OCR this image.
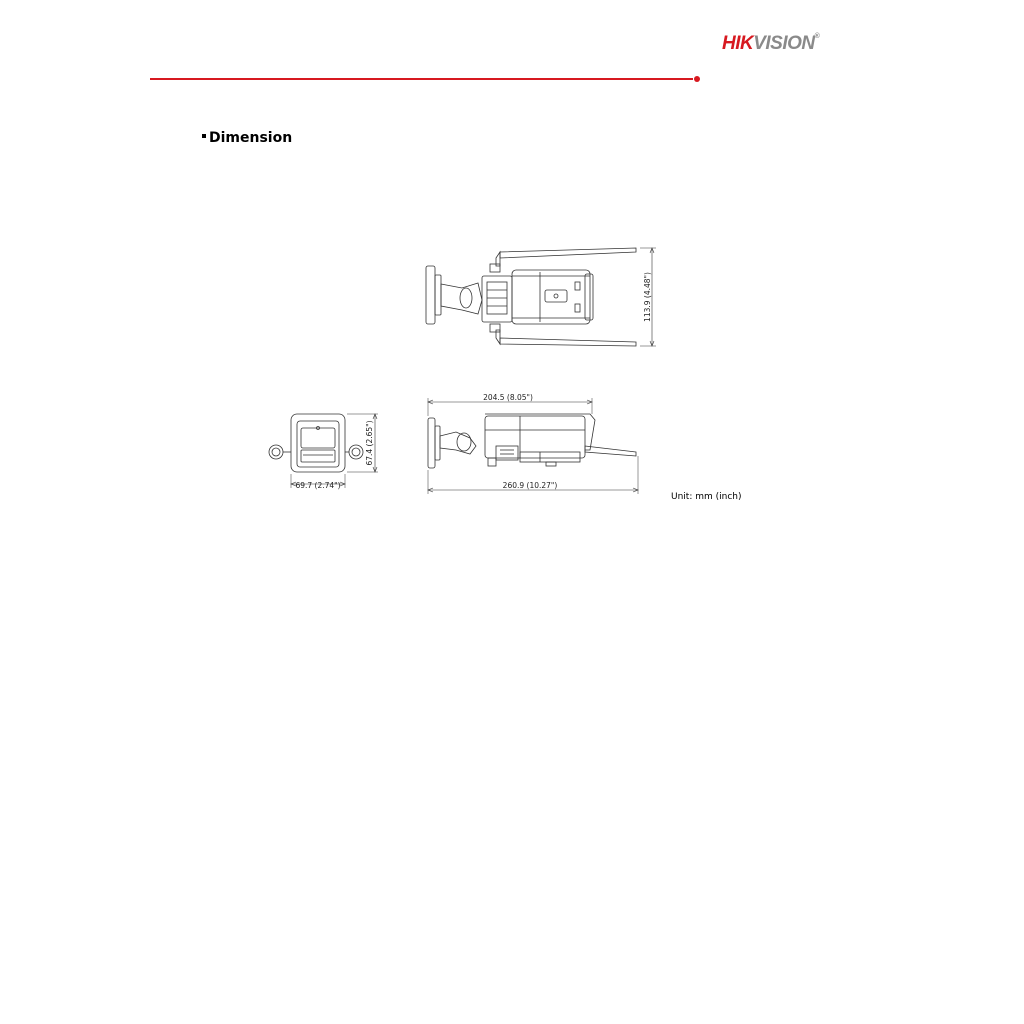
HIKVISION®
Dimension
113.9 (4.48")
204.5 (8.05")
260.9 (10.27")
69.7 (2.74")
67.4 (2.65")
Unit: mm (inch)
